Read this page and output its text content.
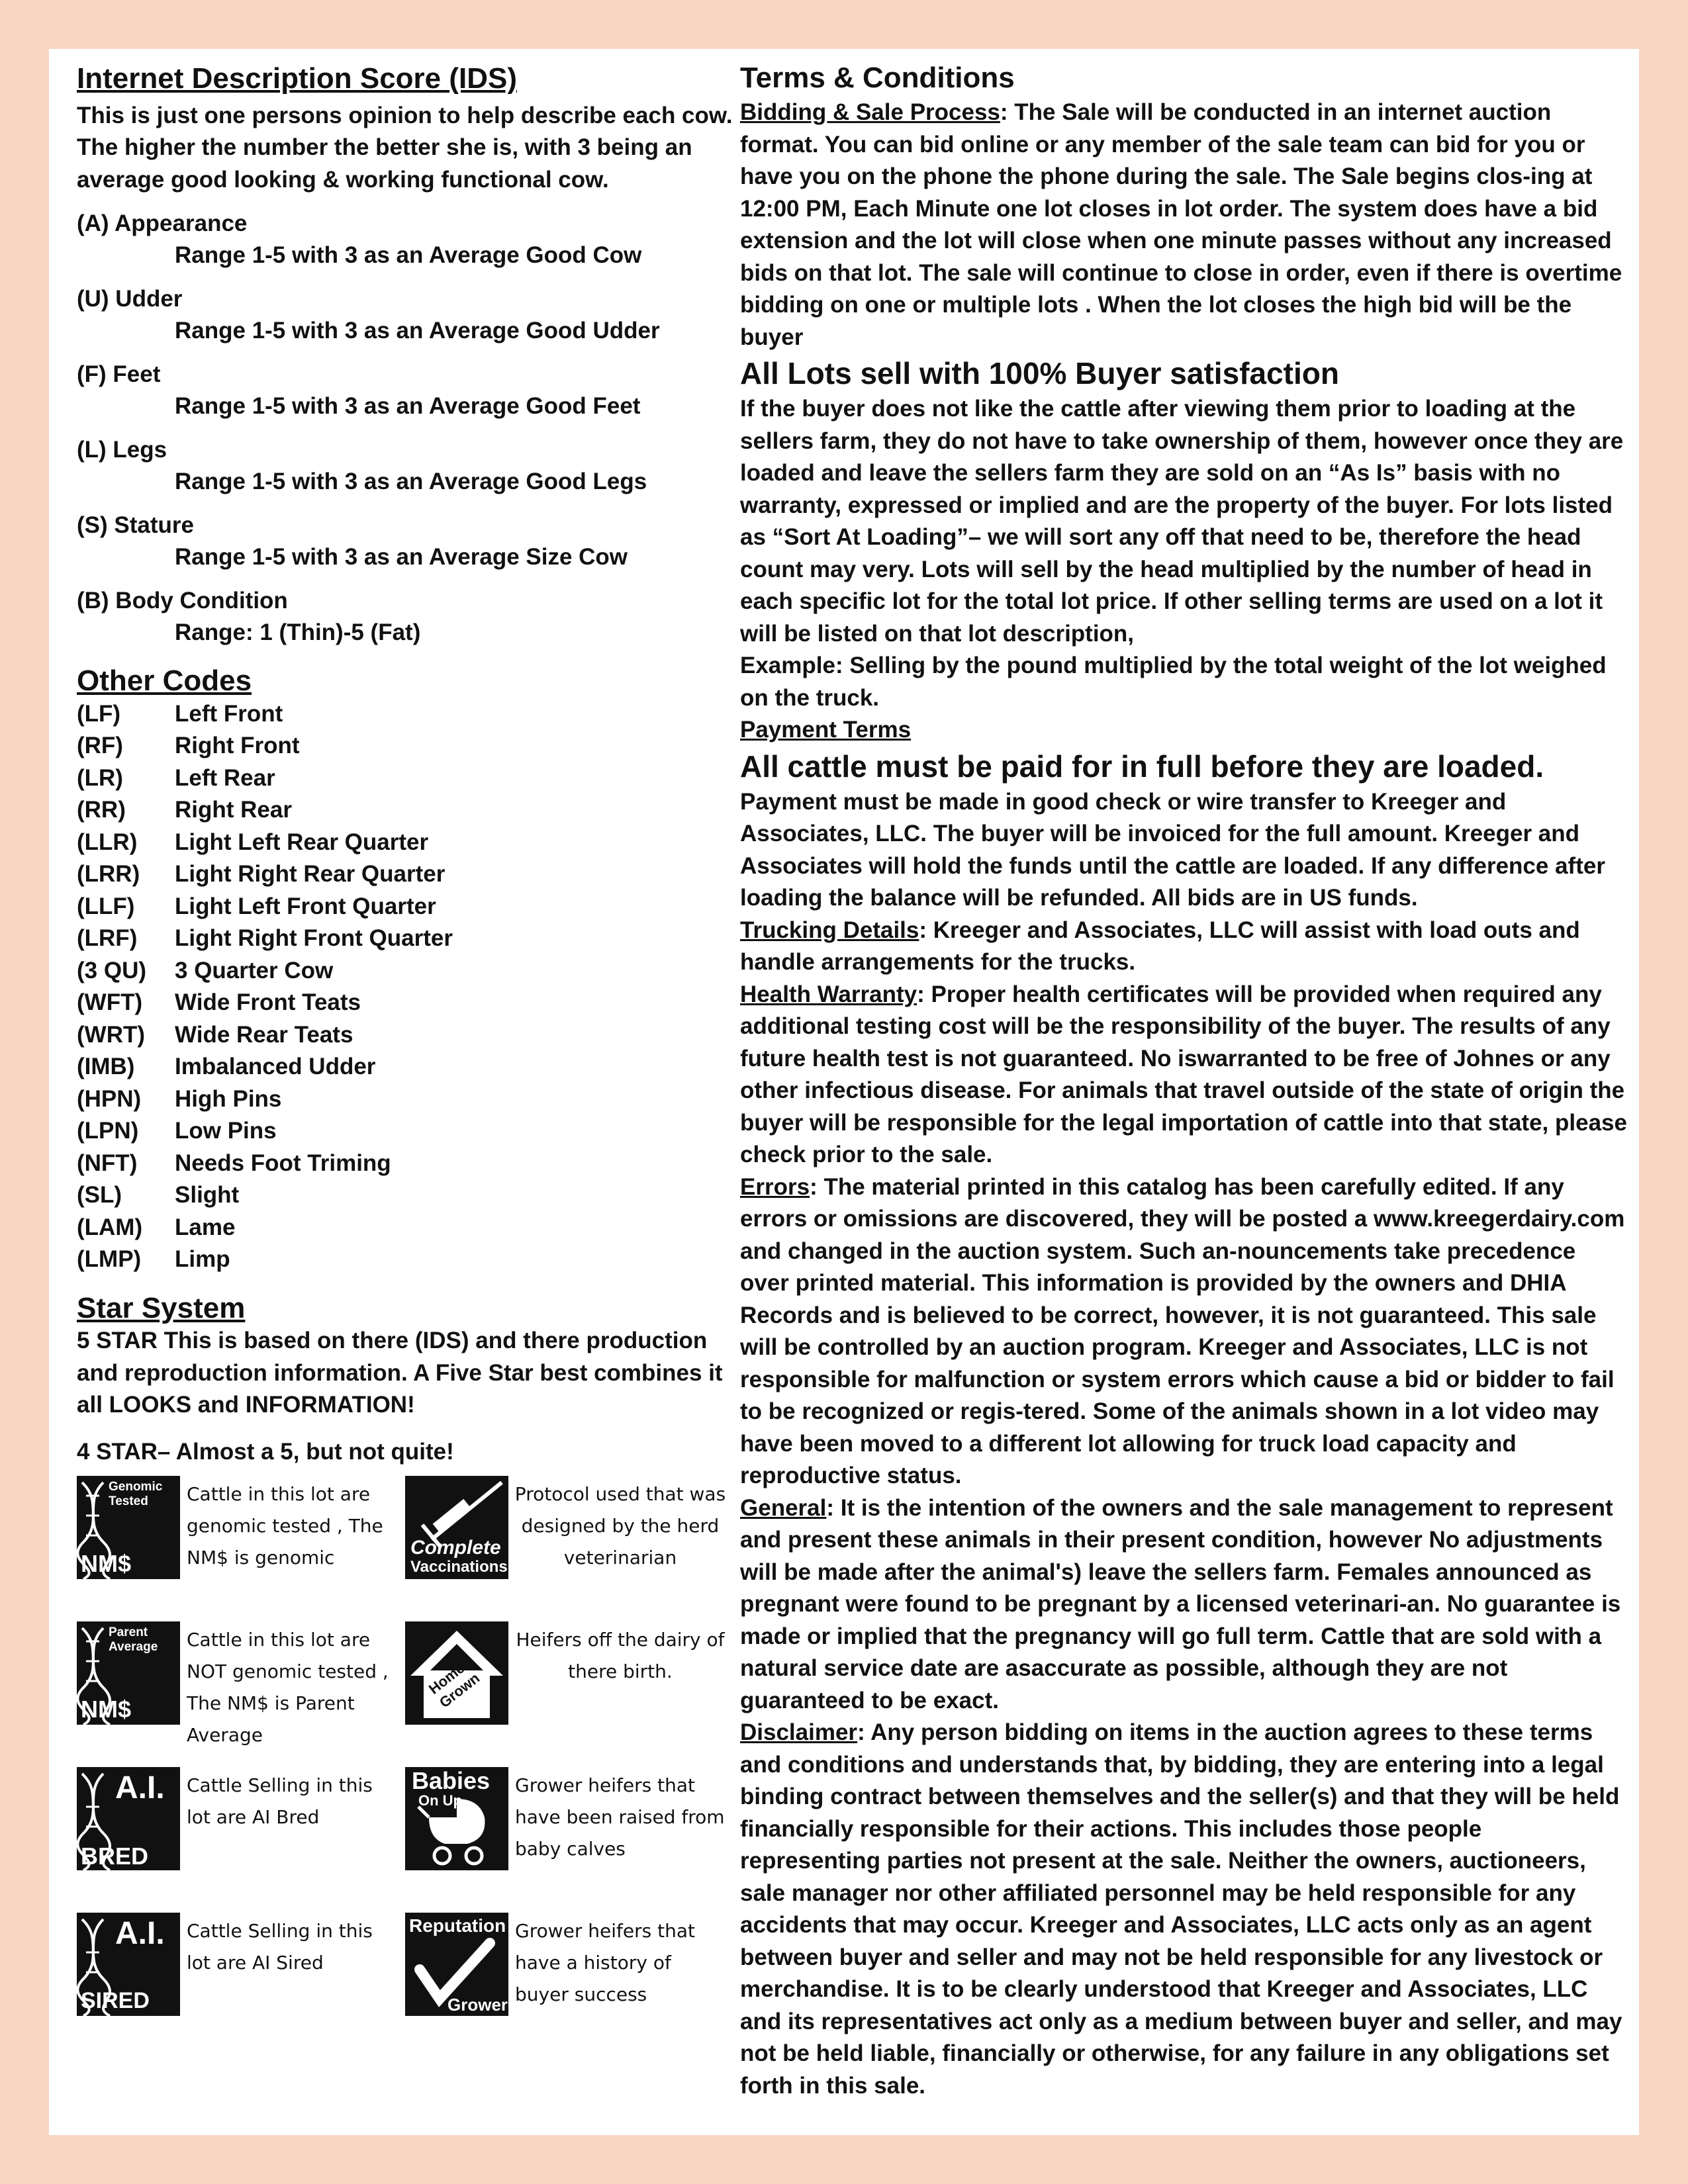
Internet Description Score (IDS)

This is just one persons opinion to help describe each cow. The higher the number the better she is, with 3 being an average good looking & working functional cow.

(A) Appearance
Range 1-5 with 3 as an Average Good Cow
(U) Udder
Range 1-5 with 3 as an Average Good Udder
(F) Feet
Range 1-5 with 3 as an Average Good Feet
(L) Legs
Range 1-5 with 3 as an Average Good Legs
(S) Stature
Range 1-5 with 3 as an Average Size Cow
(B) Body Condition
Range: 1 (Thin)-5 (Fat)
Other Codes
(LF)	Left Front
(RF)	Right Front
(LR)	Left Rear
(RR)	Right Rear
(LLR)	Light Left Rear Quarter
(LRR)	Light Right Rear Quarter
(LLF)	Light Left Front Quarter
(LRF)	Light Right Front Quarter
(3 QU)	3 Quarter Cow
(WFT)	Wide Front Teats
(WRT)	Wide Rear Teats
(IMB)	Imbalanced Udder
(HPN)	High Pins
(LPN)	Low Pins
(NFT)	Needs Foot Triming
(SL)	Slight
(LAM)	Lame
(LMP)	Limp
Star System

5 STAR This is based on there (IDS) and there production and reproduction information. A Five Star best combines it all LOOKS and INFORMATION!

4 STAR– Almost a 5, but not quite!

Genomic Tested
NM$
Cattle in this lot are genomic tested , The NM$ is genomic	Complete
Vaccinations
Protocol used that was designed by the herd veterinarian
Parent Average
NM$
Cattle in this lot are NOT genomic tested , The NM$ is Parent Average
Home Grown
Heifers off the dairy of there birth.
A.I.
BRED
Cattle Selling in this lot are AI Bred
Babies
On Up
Grower heifers that have been raised from baby calves
A.I.
SIRED
Cattle Selling in this lot are AI Sired
Reputation
Grower
Grower heifers that have a history of buyer success
Terms & Conditions

Bidding & Sale Process: The Sale will be conducted in an internet auction format. You can bid online or any member of the sale team can bid for you or have you on the phone the phone during the sale. The Sale begins clos-ing at 12:00 PM, Each Minute one lot closes in lot order. The system does have a bid extension and the lot will close when one minute passes without any increased bids on that lot. The sale will continue to close in order, even if there is overtime bidding on one or multiple lots . When the lot closes the high bid will be the buyer

All Lots sell with 100% Buyer satisfaction

If the buyer does not like the cattle after viewing them prior to loading at the sellers farm, they do not have to take ownership of them, however once they are loaded and leave the sellers farm they are sold on an “As Is” basis with no warranty, expressed or implied and are the property of the buyer. For lots listed as “Sort At Loading”– we will sort any off that need to be, therefore the head count may very. Lots will sell by the head multiplied by the number of head in each specific lot for the total lot price. If other selling terms are used on a lot it will be listed on that lot description,

Example: Selling by the pound multiplied by the total weight of the lot weighed on the truck.

Payment Terms

All cattle must be paid for in full before they are loaded.

Payment must be made in good check or wire transfer to Kreeger and Associates, LLC. The buyer will be invoiced for the full amount. Kreeger and Associates will hold the funds until the cattle are loaded. If any difference after loading the balance will be refunded. All bids are in US funds.

Trucking Details: Kreeger and Associates, LLC will assist with load outs and handle arrangements for the trucks.

Health Warranty: Proper health certificates will be provided when required any additional testing cost will be the responsibility of the buyer. The results of any future health test is not guaranteed. No iswarranted to be free of Johnes or any other infectious disease. For animals that travel outside of the state of origin the buyer will be responsible for the legal importation of cattle into that state, please check prior to the sale.

Errors: The material printed in this catalog has been carefully edited. If any errors or omissions are discovered, they will be posted a www.kreegerdairy.com and changed in the auction system. Such an-nouncements take precedence over printed material. This information is provided by the owners and DHIA Records and is believed to be correct, however, it is not guaranteed. This sale will be controlled by an auction program. Kreeger and Associates, LLC is not responsible for malfunction or system errors which cause a bid or bidder to fail to be recognized or regis-tered. Some of the animals shown in a lot video may have been moved to a different lot allowing for truck load capacity and reproductive status.

General: It is the intention of the owners and the sale management to represent and present these animals in their present condition, however No adjustments will be made after the animal's) leave the sellers farm. Females announced as pregnant were found to be pregnant by a licensed veterinari-an. No guarantee is made or implied that the pregnancy will go full term. Cattle that are sold with a natural service date are asaccurate as possible, although they are not guaranteed to be exact.

Disclaimer: Any person bidding on items in the auction agrees to these terms and conditions and understands that, by bidding, they are entering into a legal binding contract between themselves and the seller(s) and that they will be held financially responsible for their actions. This includes those people representing parties not present at the sale. Neither the owners, auctioneers, sale manager nor other affiliated personnel may be held responsible for any accidents that may occur. Kreeger and Associates, LLC acts only as an agent between buyer and seller and may not be held responsible for any livestock or merchandise. It is to be clearly understood that Kreeger and Associates, LLC and its representatives act only as a medium between buyer and seller, and may not be held liable, financially or otherwise, for any failure in any obligations set forth in this sale.
